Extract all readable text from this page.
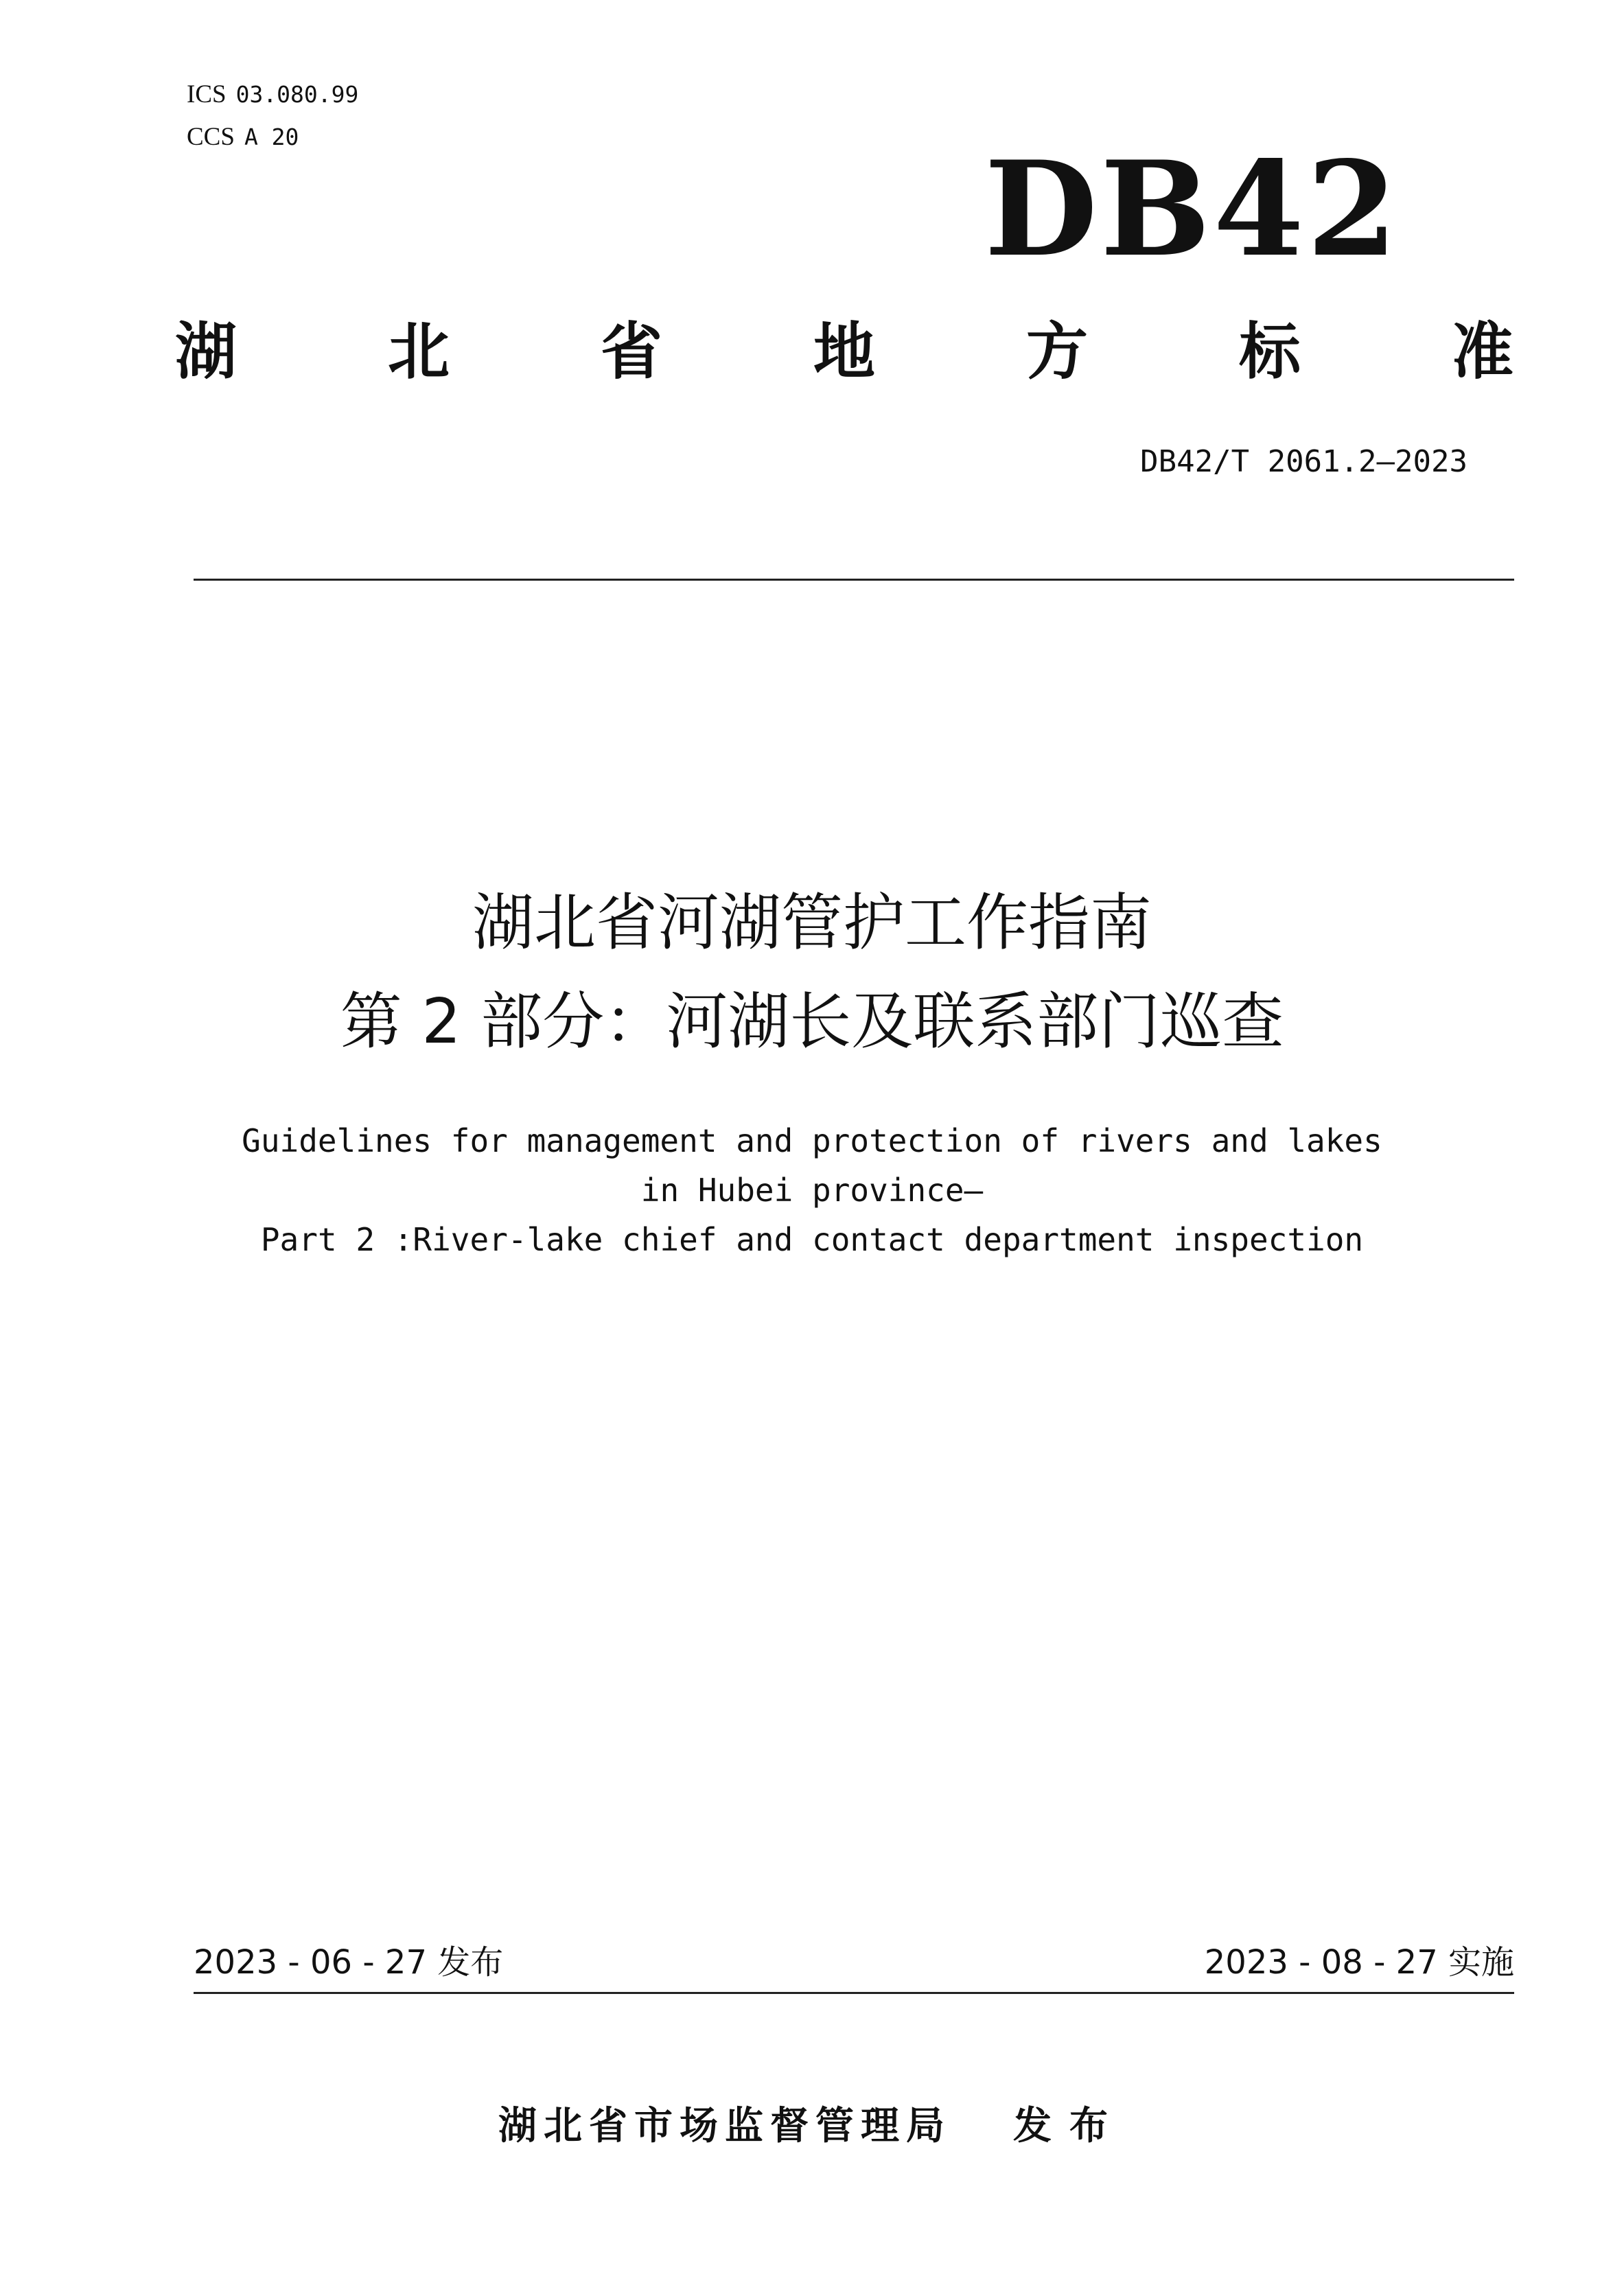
ICS 03.080.99
CCS A 20	DB42
湖 北 省 地 方 标 准
DB42/T 2061.2—2023
湖北省河湖管护工作指南
第 2 部分：河湖长及联系部门巡查
Guidelines for management and protection of rivers and lakes
in Hubei province—
Part 2 :River-lake chief and contact department inspection
2023 - 06 - 27 发布	2023 - 08 - 27 实施
湖北省市场监督管理局 发布
